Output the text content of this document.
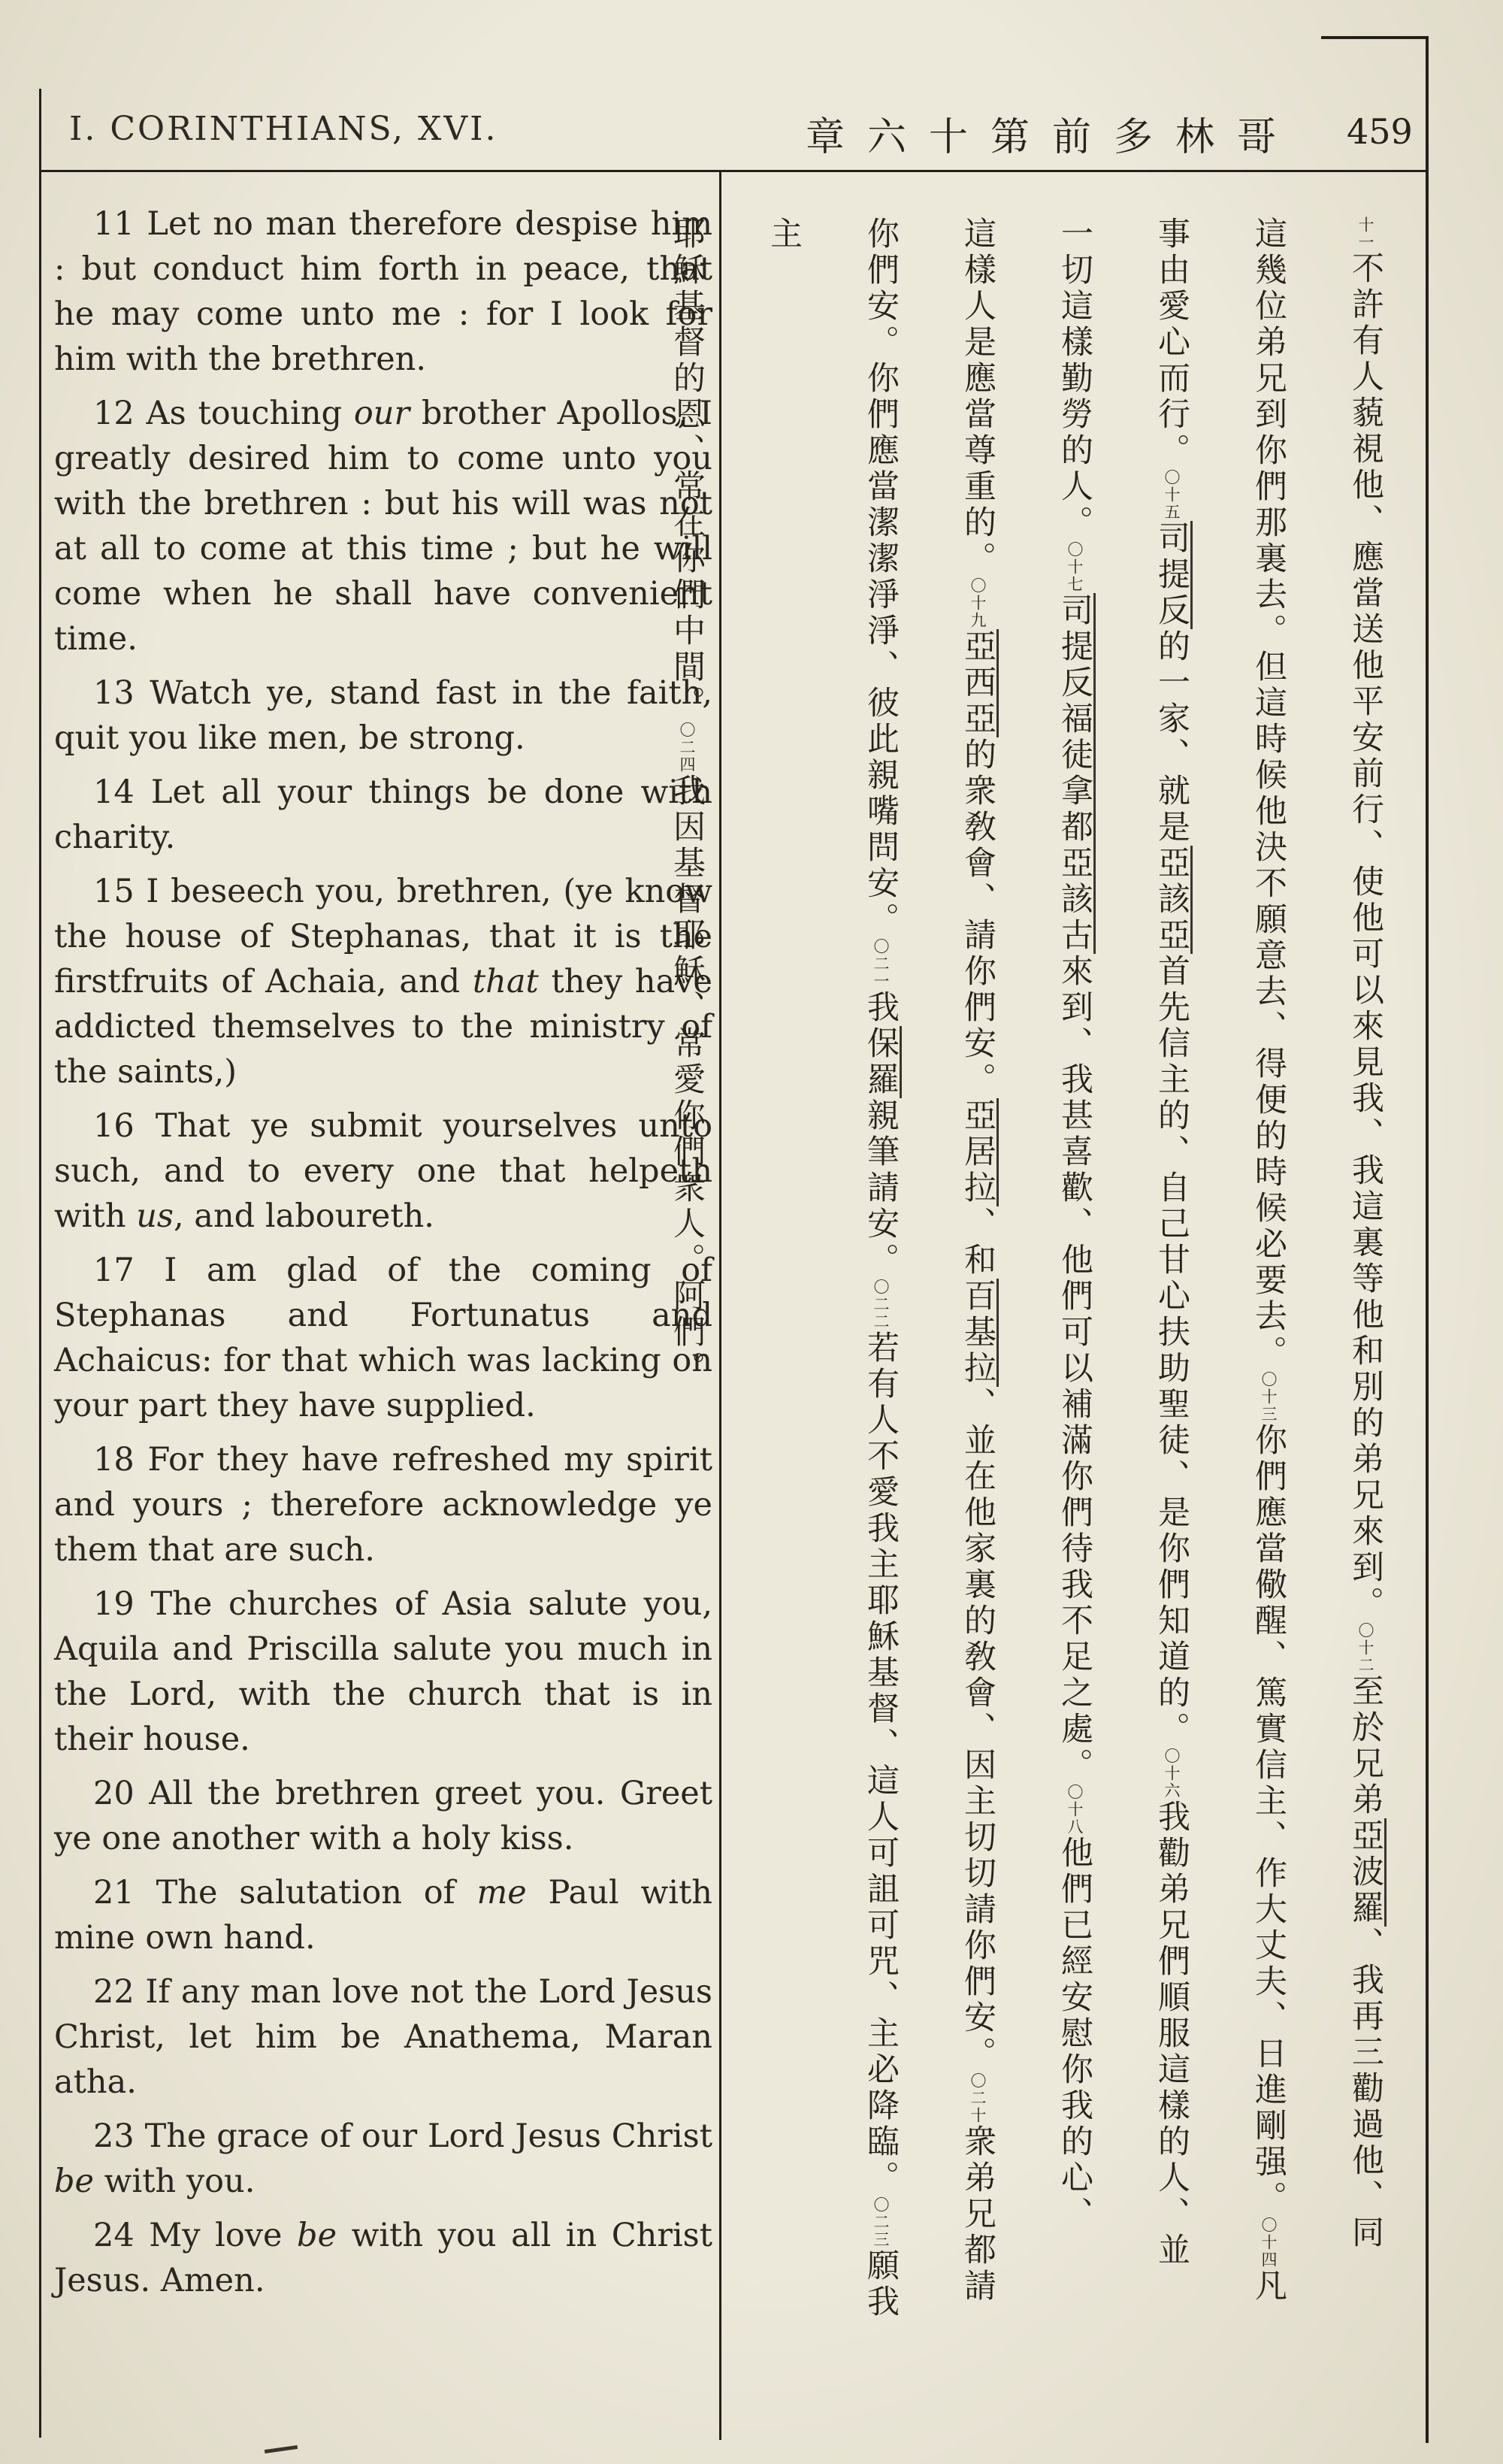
I. CORINTHIANS, XVI.	章六十第前多林哥 459

11 Let no man therefore despise him : but conduct him forth in peace, that he may come unto me : for I look for him with the brethren.

12 As touching our brother Apollos, I greatly desired him to come unto you with the brethren : but his will was not at all to come at this time ; but he will come when he shall have convenient time.

13 Watch ye, stand fast in the faith, quit you like men, be strong.

14 Let all your things be done with charity.

15 I beseech you, brethren, (ye know the house of Stephanas, that it is the firstfruits of Achaia, and that they have addicted themselves to the ministry of the saints,)

16 That ye submit yourselves unto such, and to every one that helpeth with us, and laboureth.

17 I am glad of the coming of Stephanas and Fortunatus and Achaicus: for that which was lacking on your part they have supplied.

18 For they have refreshed my spirit and yours ; therefore acknowledge ye them that are such.

19 The churches of Asia salute you, Aquila and Priscilla salute you much in the Lord, with the church that is in their house.

20 All the brethren greet you. Greet ye one another with a holy kiss.

21 The salutation of me Paul with mine own hand.

22 If any man love not the Lord Jesus Christ, let him be Anathema, Maran atha.

23 The grace of our Lord Jesus Christ be with you.

24 My love be with you all in Christ Jesus. Amen.

十一不許有人藐視他、應當送他平安前行、使他可以來見我、我這裏等他和別的弟兄來到。〇十二至於兄弟亞波羅、我再三勸過他、同

這幾位弟兄到你們那裏去。但這時候他決不願意去、得便的時候必要去。〇十三你們應當儆醒、篤實信主、作大丈夫、日進剛强。〇十四凡

事由愛心而行。〇十五司提反的一家、就是亞該亞首先信主的、自己甘心扶助聖徒、是你們知道的。〇十六我勸弟兄們順服這樣的人、並

一切這樣勤勞的人。〇十七司提反福徒拿都亞該古來到、我甚喜歡、他們可以補滿你們待我不足之處。〇十八他們已經安慰你我的心、

這樣人是應當尊重的。〇十九亞西亞的衆敎會、請你們安。亞居拉、和百基拉、並在他家裏的敎會、因主切切請你們安。〇二十衆弟兄都請

你們安。你們應當潔潔淨淨、彼此親嘴問安。〇二一我保羅親筆請安。〇二二若有人不愛我主耶穌基督、這人可詛可咒、主必降臨。〇二三願我主

耶穌基督的恩、常在你們中間。〇二四我因基督耶穌、常愛你們衆人。阿們。
